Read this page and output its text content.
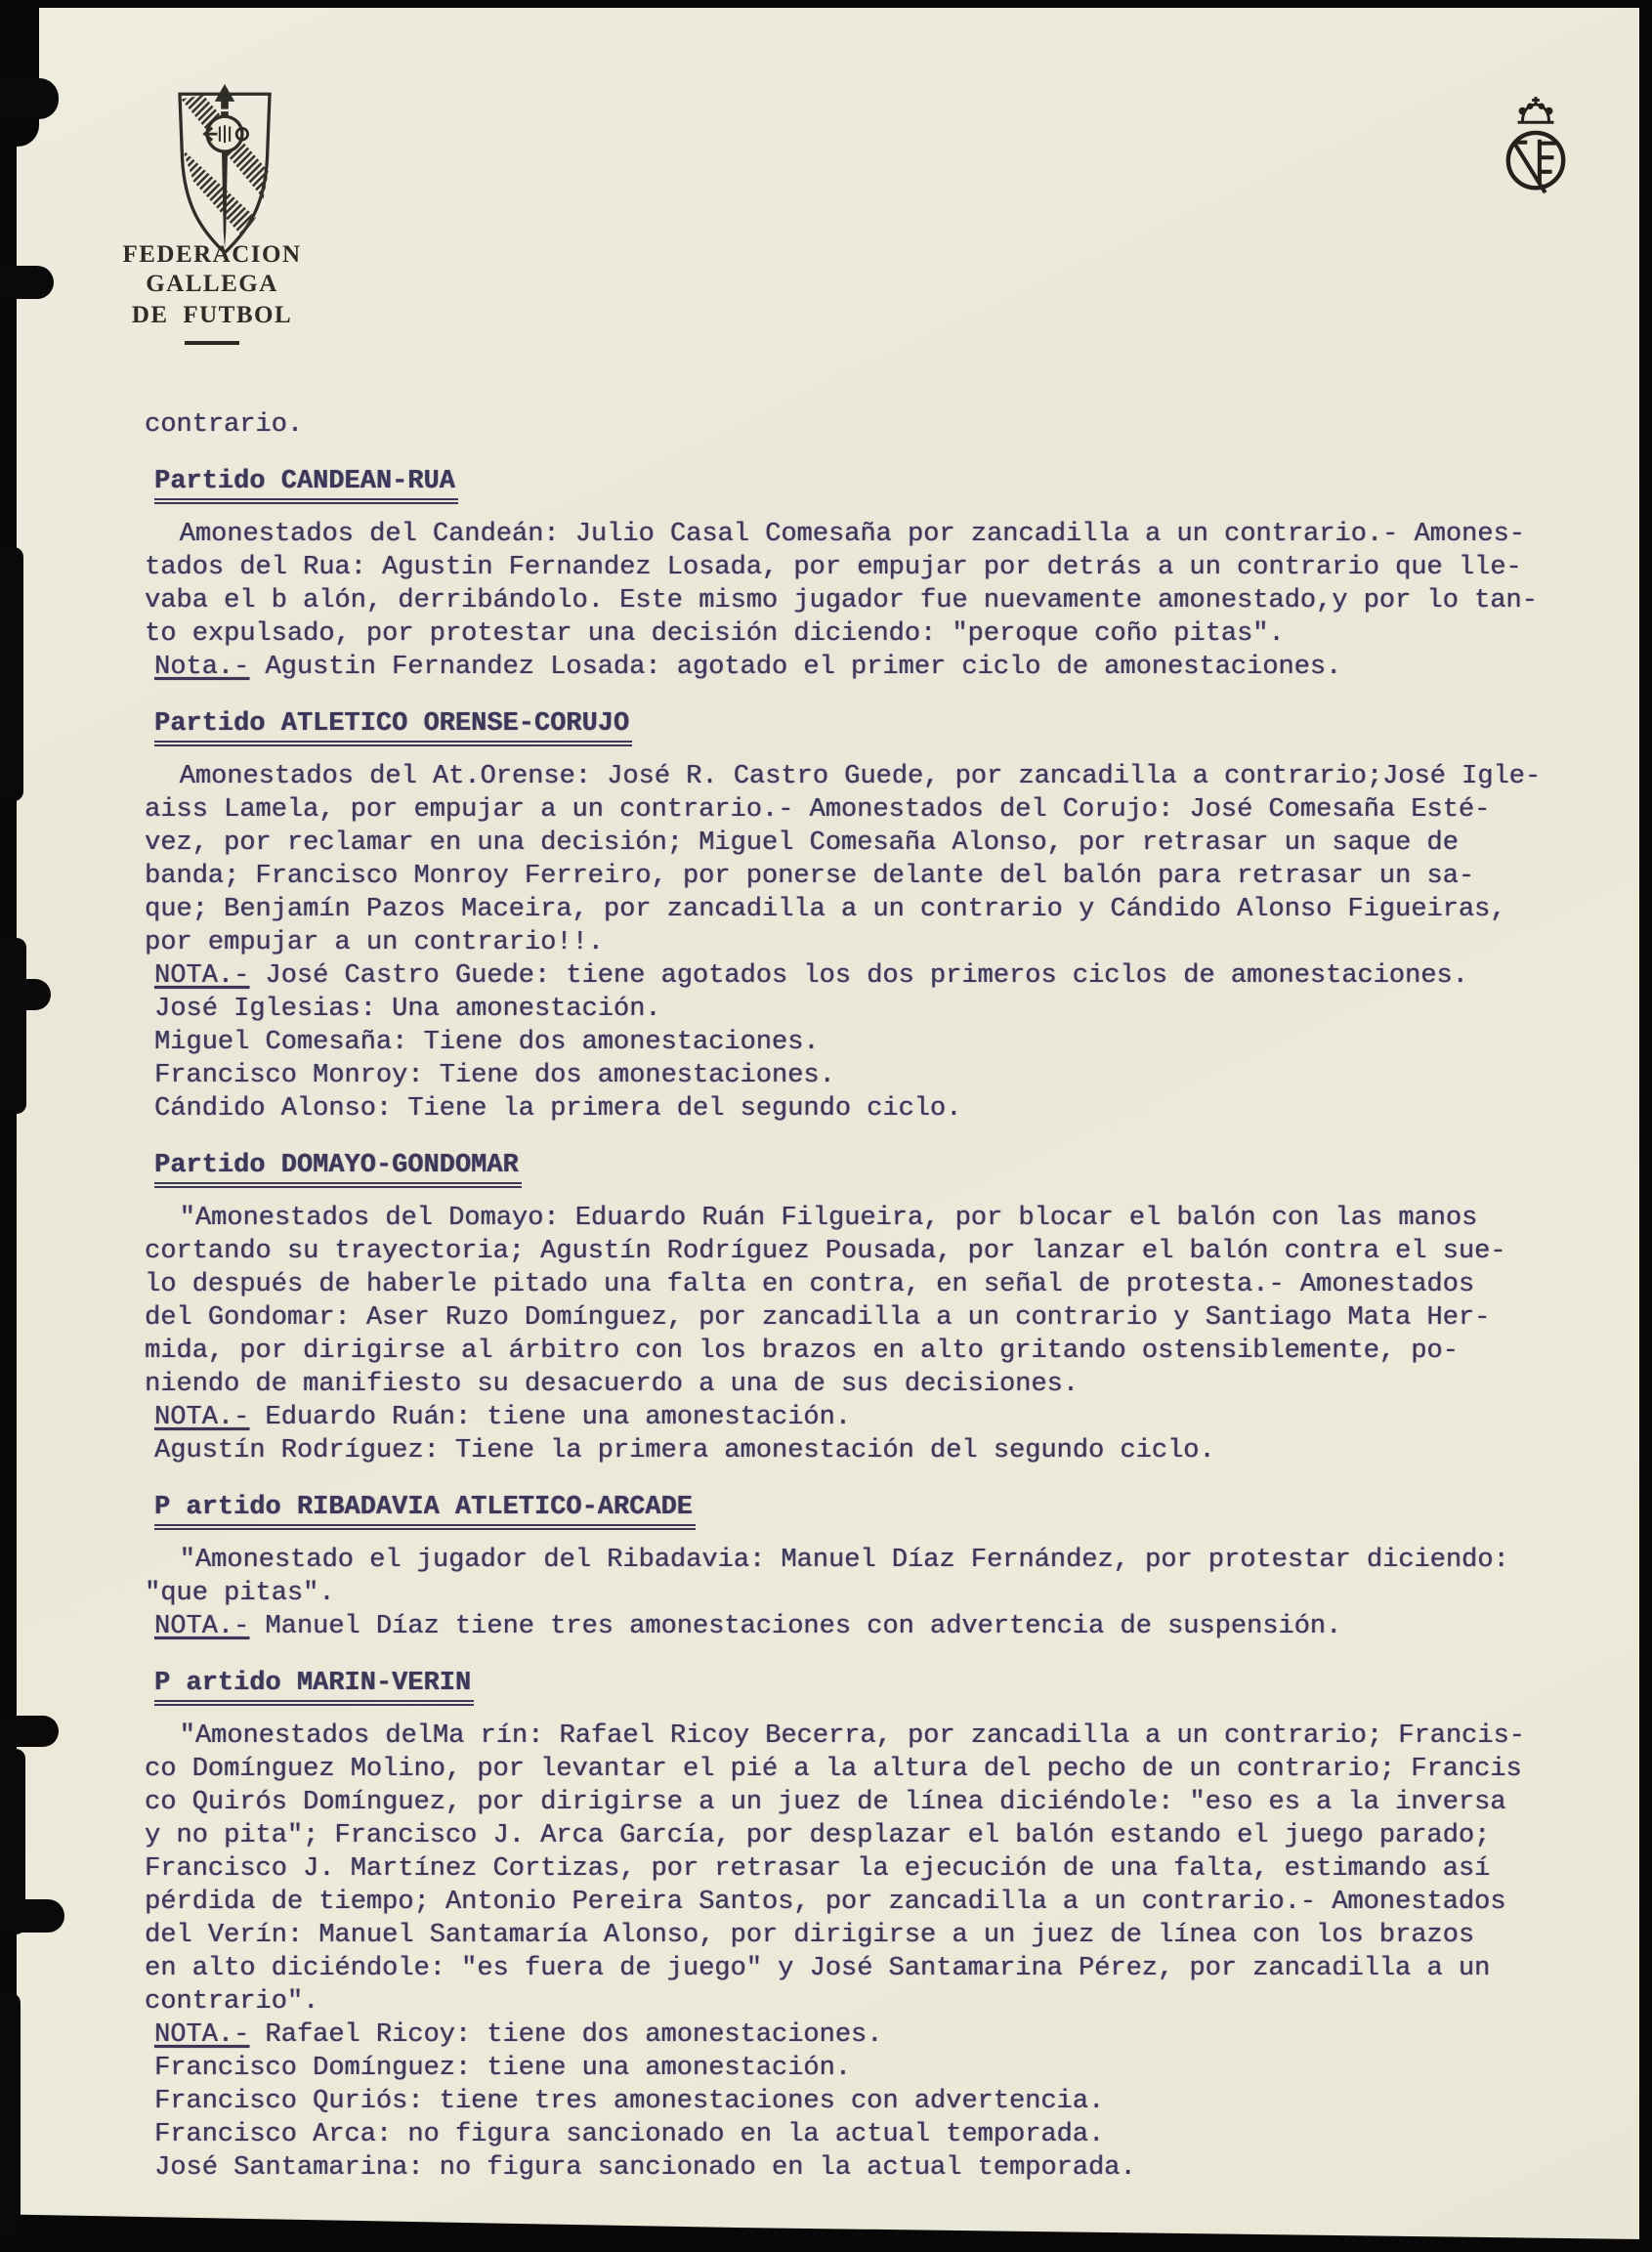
FEDERACION GALLEGA
DE FUTBOL
contrario.
Partido CANDEAN-RUA
Amonestados del Candeán: Julio Casal Comesaña por zancadilla a un contrario.- Amones-
tados del Rua: Agustin Fernandez Losada, por empujar por detrás a un contrario que lle-
vaba el b alón, derribándolo. Este mismo jugador fue nuevamente amonestado,y por lo tan-
to expulsado, por protestar una decisión diciendo: "peroque coño pitas".
Nota.- Agustin Fernandez Losada: agotado el primer ciclo de amonestaciones.
Partido ATLETICO ORENSE-CORUJO
Amonestados del At.Orense: José R. Castro Guede, por zancadilla a contrario;José Igle-
aiss Lamela, por empujar a un contrario.- Amonestados del Corujo: José Comesaña Esté-
vez, por reclamar en una decisión; Miguel Comesaña Alonso, por retrasar un saque de
banda; Francisco Monroy Ferreiro, por ponerse delante del balón para retrasar un sa-
que; Benjamín Pazos Maceira, por zancadilla a un contrario y Cándido Alonso Figueiras,
por empujar a un contrario!!.
NOTA.- José Castro Guede: tiene agotados los dos primeros ciclos de amonestaciones.
José Iglesias: Una amonestación.
Miguel Comesaña: Tiene dos amonestaciones.
Francisco Monroy: Tiene dos amonestaciones.
Cándido Alonso: Tiene la primera del segundo ciclo.
Partido DOMAYO-GONDOMAR
"Amonestados del Domayo: Eduardo Ruán Filgueira, por blocar el balón con las manos
cortando su trayectoria; Agustín Rodríguez Pousada, por lanzar el balón contra el sue-
lo después de haberle pitado una falta en contra, en señal de protesta.- Amonestados
del Gondomar: Aser Ruzo Domínguez, por zancadilla a un contrario y Santiago Mata Her-
mida, por dirigirse al árbitro con los brazos en alto gritando ostensiblemente, po-
niendo de manifiesto su desacuerdo a una de sus decisiones.
NOTA.- Eduardo Ruán: tiene una amonestación.
Agustín Rodríguez: Tiene la primera amonestación del segundo ciclo.
P artido RIBADAVIA ATLETICO-ARCADE
"Amonestado el jugador del Ribadavia: Manuel Díaz Fernández, por protestar diciendo:
"que pitas".
NOTA.- Manuel Díaz tiene tres amonestaciones con advertencia de suspensión.
P artido MARIN-VERIN
"Amonestados delMa rín: Rafael Ricoy Becerra, por zancadilla a un contrario; Francis-
co Domínguez Molino, por levantar el pié a la altura del pecho de un contrario; Francis
co Quirós Domínguez, por dirigirse a un juez de línea diciéndole: "eso es a la inversa
y no pita"; Francisco J. Arca García, por desplazar el balón estando el juego parado;
Francisco J. Martínez Cortizas, por retrasar la ejecución de una falta, estimando así
pérdida de tiempo; Antonio Pereira Santos, por zancadilla a un contrario.- Amonestados
del Verín: Manuel Santamaría Alonso, por dirigirse a un juez de línea con los brazos
en alto diciéndole: "es fuera de juego" y José Santamarina Pérez, por zancadilla a un
contrario".
NOTA.- Rafael Ricoy: tiene dos amonestaciones.
Francisco Domínguez: tiene una amonestación.
Francisco Quriós: tiene tres amonestaciones con advertencia.
Francisco Arca: no figura sancionado en la actual temporada.
José Santamarina: no figura sancionado en la actual temporada.
